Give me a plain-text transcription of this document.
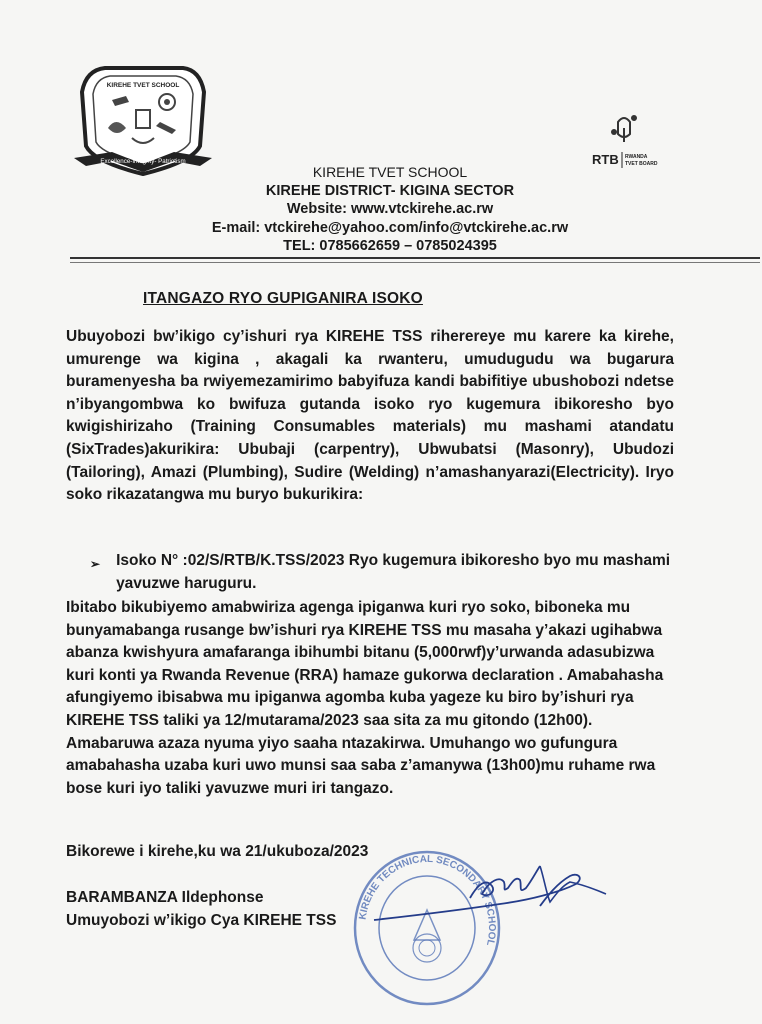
KIREHE TVET SCHOOL
Excellence-Integrity- Patriotism	RTB RWANDA
TVET BOARD
KIREHE TVET SCHOOL
KIREHE DISTRICT- KIGINA SECTOR
Website: www.vtckirehe.ac.rw
E-mail: vtckirehe@yahoo.com/info@vtckirehe.ac.rw
TEL: 0785662659 – 0785024395
ITANGAZO RYO GUPIGANIRA ISOKO
Ubuyobozi bw’ikigo cy’ishuri rya KIREHE TSS riherereye mu karere ka kirehe, umurenge wa kigina , akagali ka rwanteru, umudugudu wa bugarura buramenyesha ba rwiyemezamirimo babyifuza kandi babifitiye ubushobozi ndetse n’ibyangombwa ko bwifuza gutanda isoko ryo kugemura ibikoresho byo kwigishirizaho (Training Consumables materials) mu mashami atandatu (SixTrades)akurikira: Ububaji (carpentry), Ubwubatsi (Masonry), Ubudozi (Tailoring), Amazi (Plumbing), Sudire (Welding) n’amashanyarazi(Electricity). Iryo soko rikazatangwa mu buryo bukurikira:
➢ Isoko N° :02/S/RTB/K.TSS/2023 Ryo kugemura ibikoresho byo mu mashami yavuzwe haruguru.
Ibitabo bikubiyemo amabwiriza agenga ipiganwa kuri ryo soko, biboneka mu bunyamabanga rusange bw’ishuri rya KIREHE TSS mu masaha y’akazi ugihabwa abanza kwishyura amafaranga ibihumbi bitanu (5,000rwf)y’urwanda adasubizwa kuri konti ya Rwanda Revenue (RRA) hamaze gukorwa declaration . Amabahasha afungiyemo ibisabwa mu ipiganwa agomba kuba yageze ku biro by’ishuri rya KIREHE TSS taliki ya 12/mutarama/2023 saa sita za mu gitondo (12h00). Amabaruwa azaza nyuma yiyo saaha ntazakirwa. Umuhango wo gufungura amabahasha uzaba kuri uwo munsi saa saba z’amanywa (13h00)mu ruhame rwa bose kuri iyo taliki yavuzwe muri iri tangazo.
Bikorewe i kirehe,ku wa 21/ukuboza/2023
KIREHE TECHNICAL SECONDARY SCHOOL
BARAMBANZA Ildephonse
Umuyobozi w’ikigo Cya KIREHE TSS
